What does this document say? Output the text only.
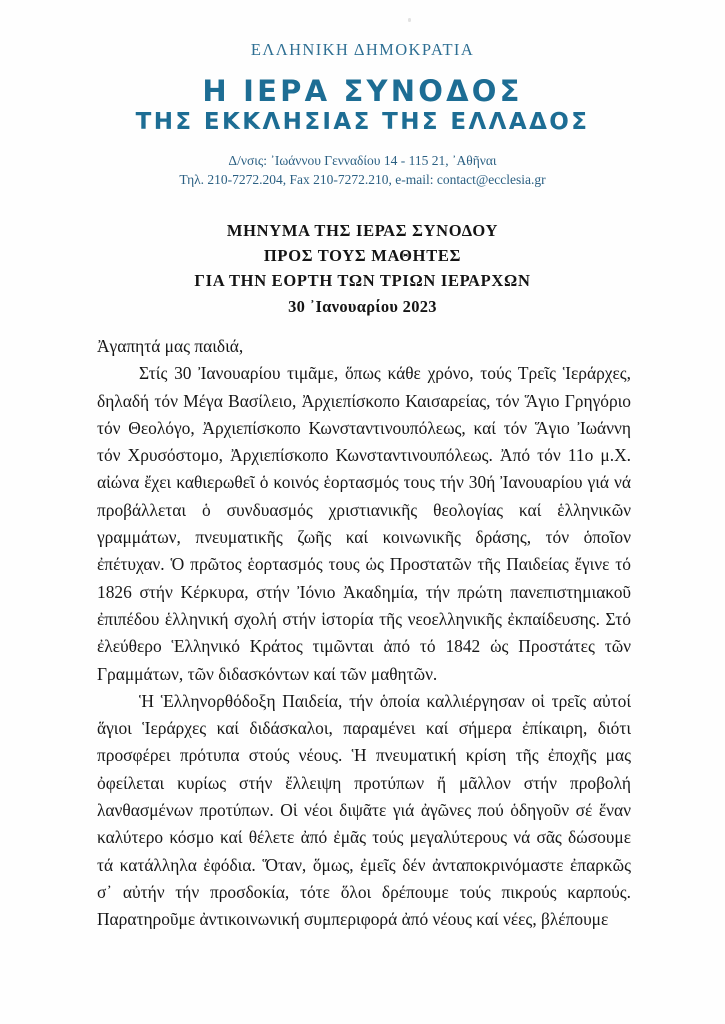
ΕΛΛΗΝΙΚΗ ΔΗΜΟΚΡΑΤΙΑ
Η ΙΕΡΑ ΣΥΝΟΔΟΣ
ΤΗΣ ΕΚΚΛΗΣΙΑΣ ΤΗΣ ΕΛΛΑΔΟΣ
Δ/νσις: ᾿Ιωάννου Γενναδίου 14 - 115 21, ᾿Αθῆναι
Τηλ. 210-7272.204, Fax 210-7272.210, e-mail: contact@ecclesia.gr
ΜΗΝΥΜΑ ΤΗΣ ΙΕΡΑΣ ΣΥΝΟΔΟΥ
ΠΡΟΣ ΤΟΥΣ ΜΑΘΗΤΕΣ
ΓΙΑ ΤΗΝ ΕΟΡΤΗ ΤΩΝ ΤΡΙΩΝ ΙΕΡΑΡΧΩΝ
30 ᾿Ιανουαρίου 2023

Ἀγαπητά μας παιδιά,

Στίς 30 Ἰανουαρίου τιμᾶμε, ὅπως κάθε χρόνο, τούς Τρεῖς Ἱεράρχες, δηλαδή τόν Μέγα Βασίλειο, Ἀρχιεπίσκοπο Καισαρείας, τόν Ἅγιο Γρηγόριο τόν Θεολόγο, Ἀρχιεπίσκοπο Κωνσταντινουπόλεως, καί τόν Ἅγιο Ἰωάννη τόν Χρυσόστομο, Ἀρχιεπίσκοπο Κωνσταντινουπόλεως. Ἀπό τόν 11ο μ.Χ. αἰώνα ἔχει καθιερωθεῖ ὁ κοινός ἑορτασμός τους τήν 30ή Ἰανουαρίου γιά νά προβάλλεται ὁ συνδυασμός χριστιανικῆς θεολογίας καί ἑλληνικῶν γραμμάτων, πνευματικῆς ζωῆς καί κοινωνικῆς δράσης, τόν ὁποῖον ἐπέτυχαν. Ὁ πρῶτος ἑορτασμός τους ὡς Προστατῶν τῆς Παιδείας ἔγινε τό 1826 στήν Κέρκυρα, στήν Ἰόνιο Ἀκαδημία, τήν πρώτη πανεπιστημιακοῦ ἐπιπέδου ἑλληνική σχολή στήν ἱστορία τῆς νεοελληνικῆς ἐκπαίδευσης. Στό ἐλεύθερο Ἑλληνικό Κράτος τιμῶνται ἀπό τό 1842 ὡς Προστάτες τῶν Γραμμάτων, τῶν διδασκόντων καί τῶν μαθητῶν.

Ἡ Ἑλληνορθόδοξη Παιδεία, τήν ὁποία καλλιέργησαν οἱ τρεῖς αὐτοί ἅγιοι Ἱεράρχες καί διδάσκαλοι, παραμένει καί σήμερα ἐπίκαιρη, διότι προσφέρει πρότυπα στούς νέους. Ἡ πνευματική κρίση τῆς ἐποχῆς μας ὀφείλεται κυρίως στήν ἔλλειψη προτύπων ἤ μᾶλλον στήν προβολή λανθασμένων προτύπων. Οἱ νέοι διψᾶτε γιά ἀγῶνες πού ὁδηγοῦν σέ ἕναν καλύτερο κόσμο καί θέλετε ἀπό ἐμᾶς τούς μεγαλύτερους νά σᾶς δώσουμε τά κατάλληλα ἐφόδια. Ὅταν, ὅμως, ἐμεῖς δέν ἀνταποκρινόμαστε ἐπαρκῶς σ᾿ αὐτήν τήν προσδοκία, τότε ὅλοι δρέπουμε τούς πικρούς καρπούς. Παρατηροῦμε ἀντικοινωνική συμπεριφορά ἀπό νέους καί νέες, βλέπουμε
